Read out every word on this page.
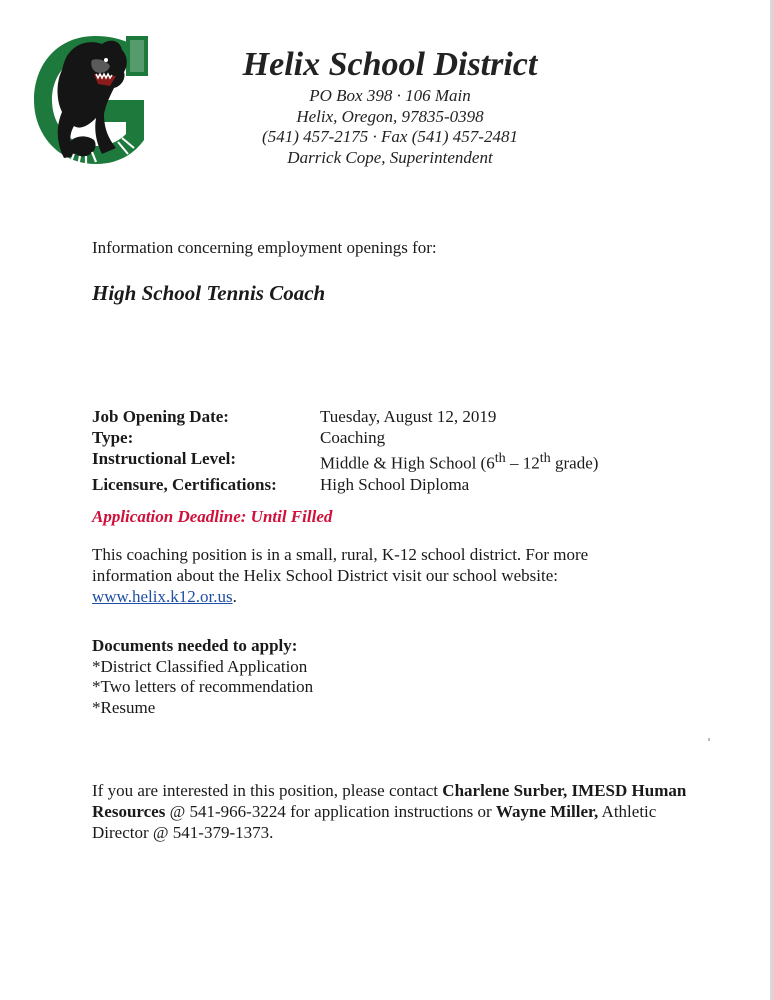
Helix School District
PO Box 398 · 106 Main
Helix, Oregon, 97835-0398
(541) 457-2175 · Fax (541) 457-2481
Darrick Cope, Superintendent
Information concerning employment openings for:
High School Tennis Coach
Job Opening Date:	Tuesday, August 12, 2019
Type:	Coaching
Instructional Level:	Middle & High School (6th – 12th grade)
Licensure, Certifications:	High School Diploma
Application Deadline: Until Filled
This coaching position is in a small, rural, K-12 school district. For more information about the Helix School District visit our school website: www.helix.k12.or.us.
Documents needed to apply:
*District Classified Application
*Two letters of recommendation
*Resume
If you are interested in this position, please contact Charlene Surber, IMESD Human Resources @ 541-966-3224 for application instructions or Wayne Miller, Athletic Director @ 541-379-1373.
